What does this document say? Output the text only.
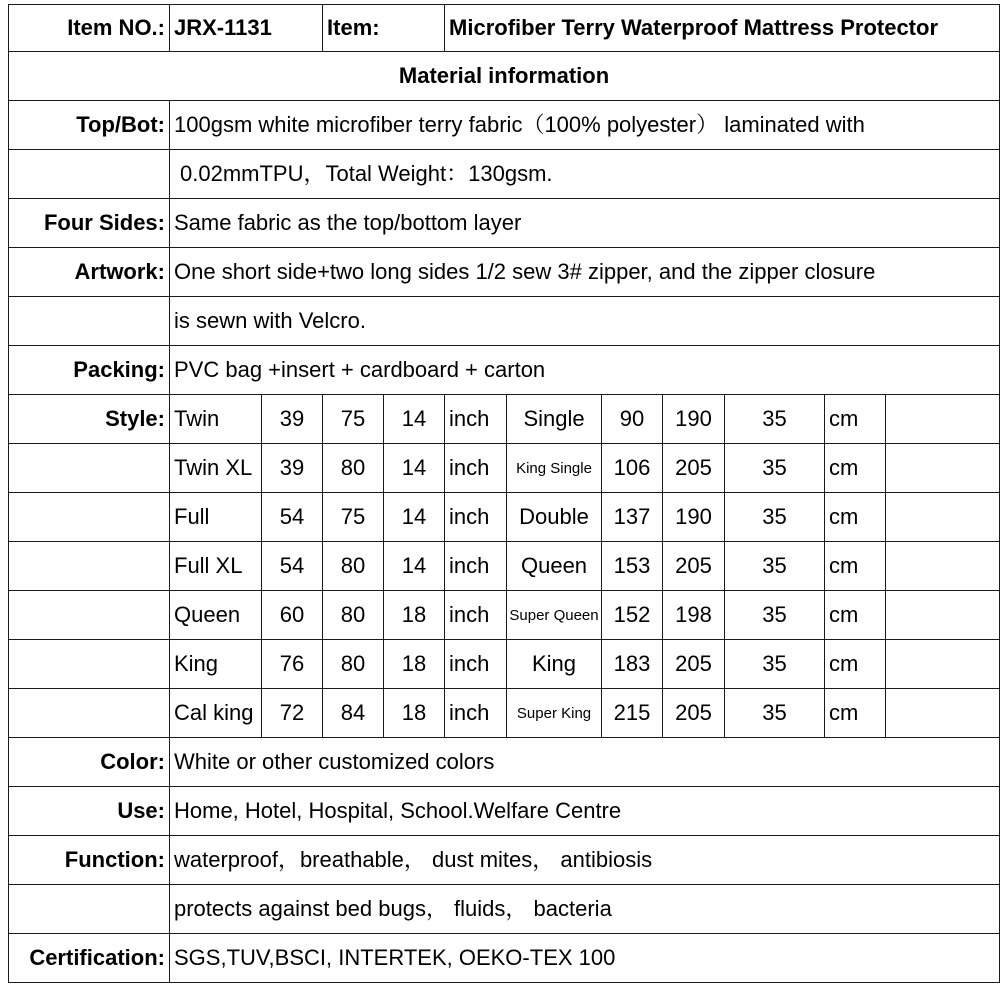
Item NO.:	JRX-1131		Item:		Microfiber Terry Waterproof Mattress Protector						
Material information											
Top/Bot:	100gsm white microfiber terry fabric（100% polyester） laminated with										
	0.02mmTPU，Total Weight：130gsm.										
Four Sides:	Same fabric as the top/bottom layer										
Artwork:	One short side+two long sides 1/2 sew 3# zipper, and the zipper closure										
	is sewn with Velcro.										
Packing:	PVC bag +insert + cardboard + carton										
Style:	Twin	39	75	14	inch	Single	90	190	35	cm	
	Twin XL	39	80	14	inch	King Single	106	205	35	cm	
	Full	54	75	14	inch	Double	137	190	35	cm	
	Full XL	54	80	14	inch	Queen	153	205	35	cm	
	Queen	60	80	18	inch	Super Queen	152	198	35	cm	
	King	76	80	18	inch	King	183	205	35	cm	
	Cal king	72	84	18	inch	Super King	215	205	35	cm	
Color:	White or other customized colors										
Use:	Home, Hotel, Hospital, School.Welfare Centre										
Function:	waterproof，breathable， dust mites， antibiosis										
	protects against bed bugs， fluids， bacteria										
Certification:	SGS,TUV,BSCI, INTERTEK, OEKO-TEX 100										
